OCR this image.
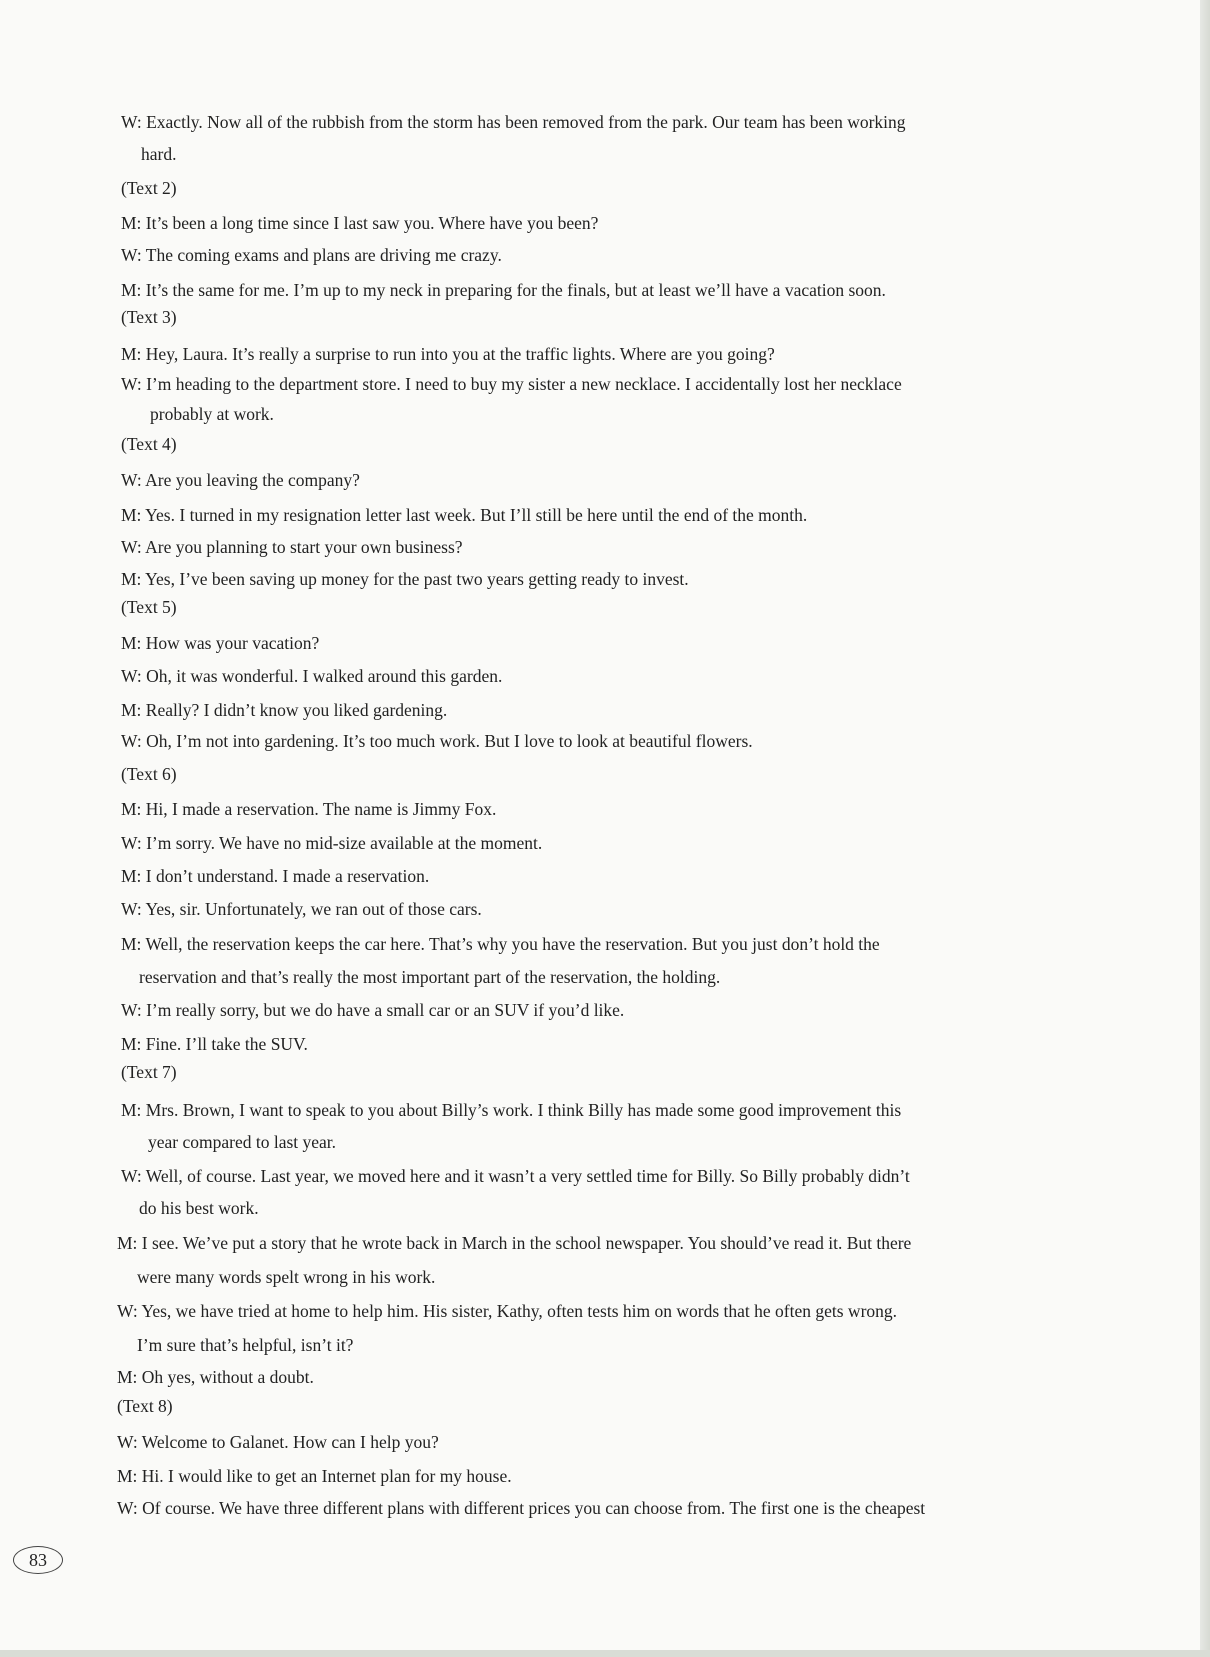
W: Exactly. Now all of the rubbish from the storm has been removed from the park. Our team has been working
hard.
(Text 2)
M: It’s been a long time since I last saw you. Where have you been?
W: The coming exams and plans are driving me crazy.
M: It’s the same for me. I’m up to my neck in preparing for the finals, but at least we’ll have a vacation soon.
(Text 3)
M: Hey, Laura. It’s really a surprise to run into you at the traffic lights. Where are you going?
W: I’m heading to the department store. I need to buy my sister a new necklace. I accidentally lost her necklace
probably at work.
(Text 4)
W: Are you leaving the company?
M: Yes. I turned in my resignation letter last week. But I’ll still be here until the end of the month.
W: Are you planning to start your own business?
M: Yes, I’ve been saving up money for the past two years getting ready to invest.
(Text 5)
M: How was your vacation?
W: Oh, it was wonderful. I walked around this garden.
M: Really? I didn’t know you liked gardening.
W: Oh, I’m not into gardening. It’s too much work. But I love to look at beautiful flowers.
(Text 6)
M: Hi, I made a reservation. The name is Jimmy Fox.
W: I’m sorry. We have no mid-size available at the moment.
M: I don’t understand. I made a reservation.
W: Yes, sir. Unfortunately, we ran out of those cars.
M: Well, the reservation keeps the car here. That’s why you have the reservation. But you just don’t hold the
reservation and that’s really the most important part of the reservation, the holding.
W: I’m really sorry, but we do have a small car or an SUV if you’d like.
M: Fine. I’ll take the SUV.
(Text 7)
M: Mrs. Brown, I want to speak to you about Billy’s work. I think Billy has made some good improvement this
year compared to last year.
W: Well, of course. Last year, we moved here and it wasn’t a very settled time for Billy. So Billy probably didn’t
do his best work.
M: I see. We’ve put a story that he wrote back in March in the school newspaper. You should’ve read it. But there
were many words spelt wrong in his work.
W: Yes, we have tried at home to help him. His sister, Kathy, often tests him on words that he often gets wrong.
I’m sure that’s helpful, isn’t it?
M: Oh yes, without a doubt.
(Text 8)
W: Welcome to Galanet. How can I help you?
M: Hi. I would like to get an Internet plan for my house.
W: Of course. We have three different plans with different prices you can choose from. The first one is the cheapest
83
